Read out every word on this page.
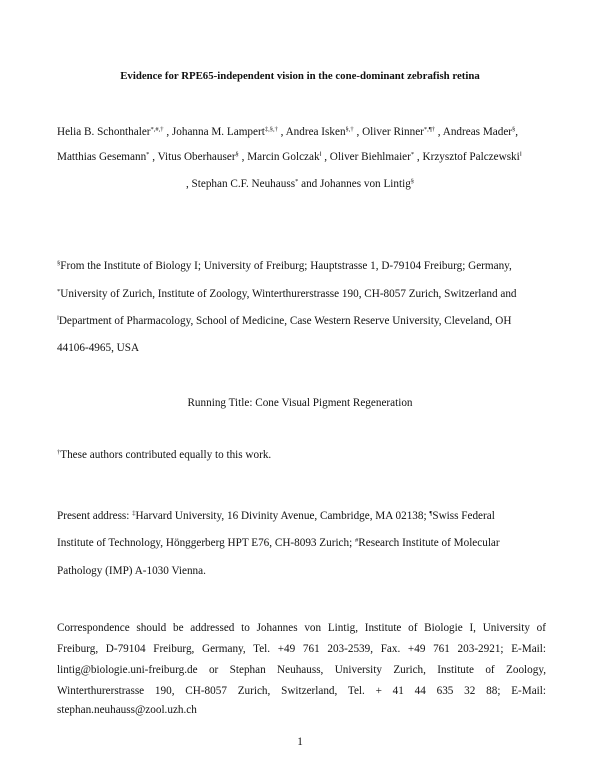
Evidence for RPE65-independent vision in the cone-dominant zebrafish retina
Helia B. Schonthaler*,#,† , Johanna M. Lampert‡,§,† , Andrea Isken§,† , Oliver Rinner*,¶† , Andreas Mader§,
Matthias Gesemann* , Vitus Oberhauser§ , Marcin Golczak‖ , Oliver Biehlmaier* , Krzysztof Palczewski‖
, Stephan C.F. Neuhauss* and Johannes von Lintig§
§From the Institute of Biology I; University of Freiburg; Hauptstrasse 1, D-79104 Freiburg; Germany,
*University of Zurich, Institute of Zoology, Winterthurerstrasse 190, CH-8057 Zurich, Switzerland and
‖Department of Pharmacology, School of Medicine, Case Western Reserve University, Cleveland, OH
44106-4965, USA
Running Title: Cone Visual Pigment Regeneration
†These authors contributed equally to this work.
Present address: ‡Harvard University, 16 Divinity Avenue, Cambridge, MA 02138; ¶Swiss Federal
Institute of Technology, Hönggerberg HPT E76, CH-8093 Zurich; #Research Institute of Molecular
Pathology (IMP) A-1030 Vienna.
Correspondence should be addressed to Johannes von Lintig, Institute of Biologie I, University of
Freiburg, D-79104 Freiburg, Germany, Tel. +49 761 203-2539, Fax. +49 761 203-2921; E-Mail:
lintig@biologie.uni-freiburg.de or Stephan Neuhauss, University Zurich, Institute of Zoology,
Winterthurerstrasse 190, CH-8057 Zurich, Switzerland, Tel. + 41 44 635 32 88; E-Mail:
stephan.neuhauss@zool.uzh.ch
1
